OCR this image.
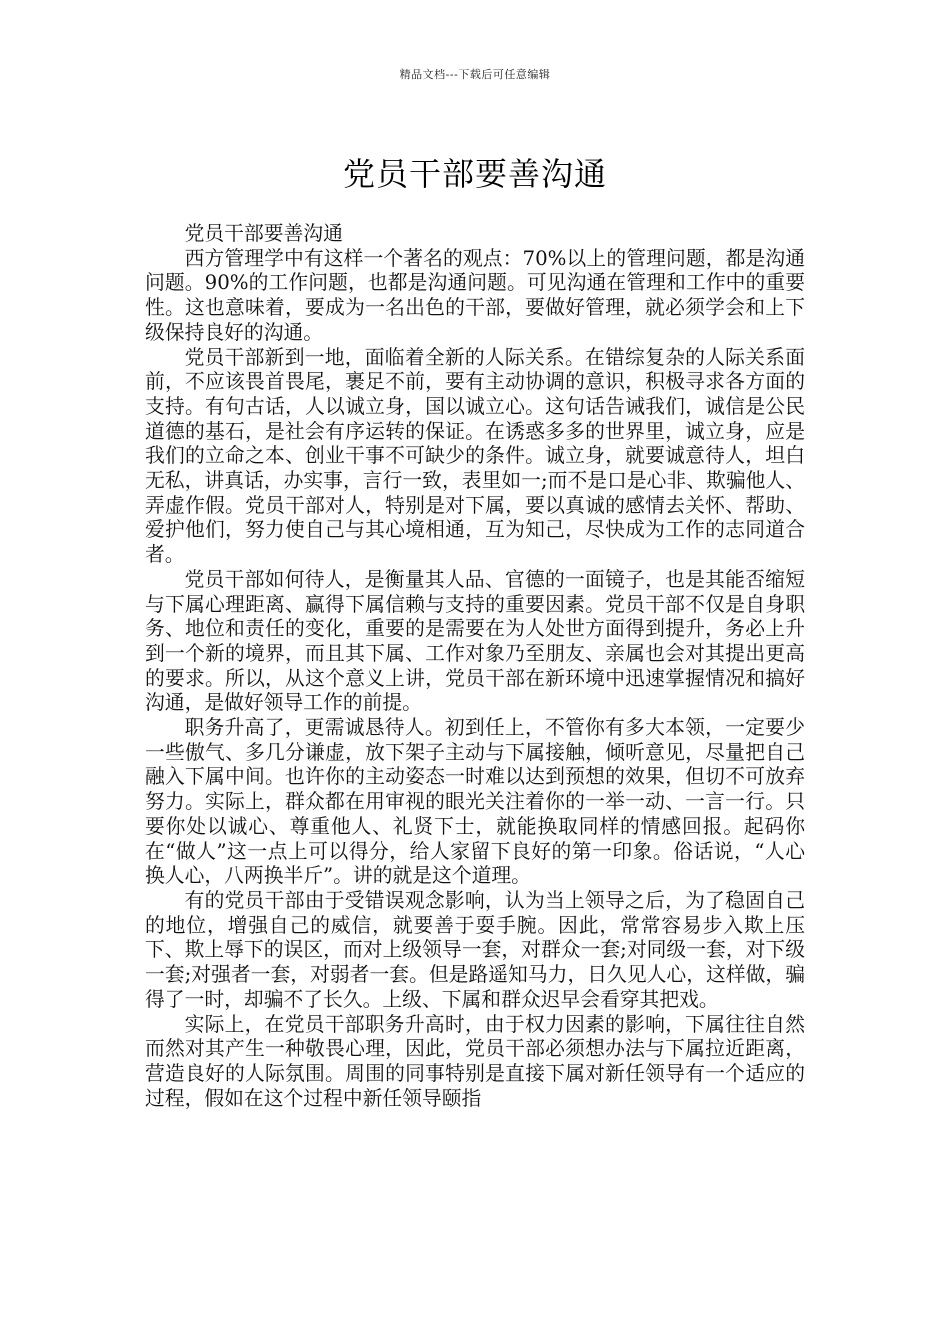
精品文档---下载后可任意编辑
党员干部要善沟通

党员干部要善沟通

西方管理学中有这样一个著名的观点：70%以上的管理问题，都是沟通问题。90%的工作问题，也都是沟通问题。可见沟通在管理和工作中的重要性。这也意味着，要成为一名出色的干部，要做好管理，就必须学会和上下级保持良好的沟通。

党员干部新到一地，面临着全新的人际关系。在错综复杂的人际关系面前，不应该畏首畏尾，裹足不前，要有主动协调的意识，积极寻求各方面的支持。有句古话，人以诚立身，国以诚立心。这句话告诫我们，诚信是公民道德的基石，是社会有序运转的保证。在诱惑多多的世界里，诚立身，应是我们的立命之本、创业干事不可缺少的条件。诚立身，就要诚意待人，坦白无私，讲真话，办实事，言行一致，表里如一;而不是口是心非、欺骗他人、弄虚作假。党员干部对人，特别是对下属，要以真诚的感情去关怀、帮助、爱护他们，努力使自己与其心境相通，互为知己，尽快成为工作的志同道合者。

党员干部如何待人，是衡量其人品、官德的一面镜子，也是其能否缩短与下属心理距离、赢得下属信赖与支持的重要因素。党员干部不仅是自身职务、地位和责任的变化，重要的是需要在为人处世方面得到提升，务必上升到一个新的境界，而且其下属、工作对象乃至朋友、亲属也会对其提出更高的要求。所以，从这个意义上讲，党员干部在新环境中迅速掌握情况和搞好沟通，是做好领导工作的前提。

职务升高了，更需诚恳待人。初到任上，不管你有多大本领，一定要少一些傲气、多几分谦虚，放下架子主动与下属接触，倾听意见，尽量把自己融入下属中间。也许你的主动姿态一时难以达到预想的效果，但切不可放弃努力。实际上，群众都在用审视的眼光关注着你的一举一动、一言一行。只要你处以诚心、尊重他人、礼贤下士，就能换取同样的情感回报。起码你在“做人”这一点上可以得分，给人家留下良好的第一印象。俗话说，“人心换人心，八两换半斤”。讲的就是这个道理。

有的党员干部由于受错误观念影响，认为当上领导之后，为了稳固自己的地位，增强自己的威信，就要善于耍手腕。因此，常常容易步入欺上压下、欺上辱下的误区，而对上级领导一套，对群众一套;对同级一套，对下级一套;对强者一套，对弱者一套。但是路遥知马力，日久见人心，这样做，骗得了一时，却骗不了长久。上级、下属和群众迟早会看穿其把戏。

实际上，在党员干部职务升高时，由于权力因素的影响，下属往往自然而然对其产生一种敬畏心理，因此，党员干部必须想办法与下属拉近距离，营造良好的人际氛围。周围的同事特别是直接下属对新任领导有一个适应的过程，假如在这个过程中新任领导颐指
